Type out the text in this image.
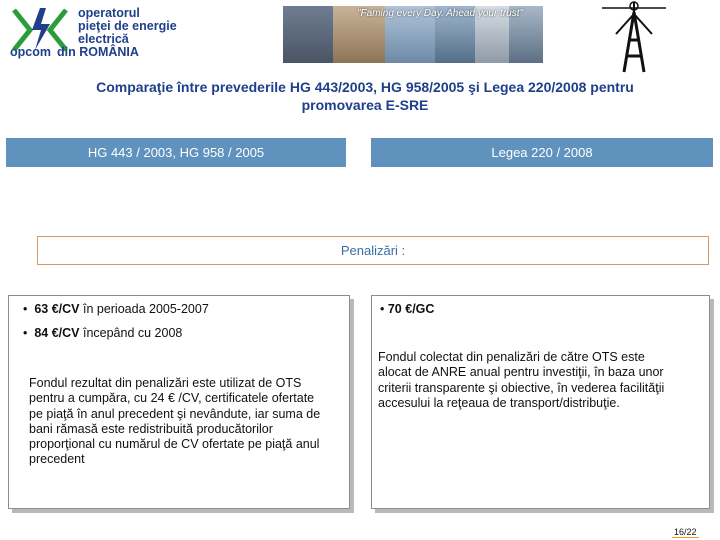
operatorul
pieţei de energie
electrică
opcom din ROMÂNIA
"Faming every Day. Ahead your trust"
Comparaţie între prevederile HG 443/2003, HG 958/2005 şi Legea 220/2008 pentru
promovarea E-SRE
HG 443 / 2003, HG 958 / 2005	Legea 220 / 2008
Penalizări :
•  63 €/CV în perioada 2005-2007
•  84 €/CV începând cu 2008
Fondul rezultat din penalizări este utilizat de OTS
pentru a cumpăra, cu 24 € /CV, certificatele ofertate
pe piaţă în anul precedent şi nevândute, iar suma de
bani rămasă este redistribuită producătorilor
proporţional cu numărul de CV ofertate pe piaţă anul
precedent
• 70 €/GC
Fondul colectat din penalizări de către OTS este
alocat de ANRE anual pentru investiţii, în baza unor
criterii transparente şi obiective, în vederea facilităţii
accesului la reţeaua de transport/distribuţie.
16/22
